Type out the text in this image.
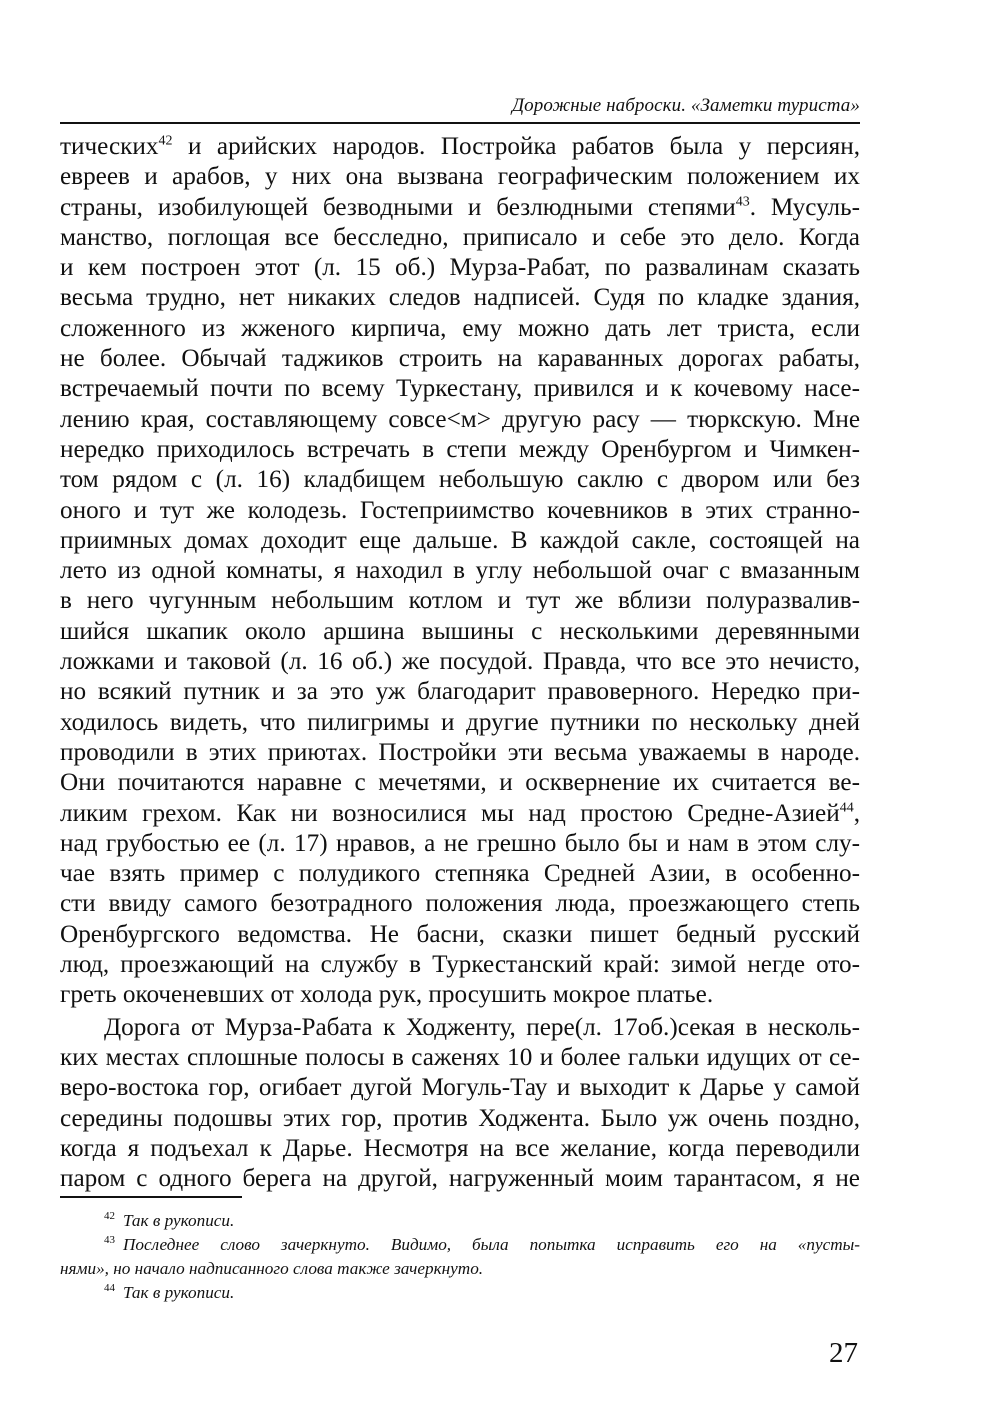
Дорожные наброски. «Заметки туриста»
тических$^{42}$ и арийских народов. Постройка рабатов была у персиян,
евреев и арабов, у них она вызвана географическим положением их
страны, изобилующей безводными и безлюдными степями$^{43}$. Мусуль-
манство, поглощая все бесследно, приписало и себе это дело. Когда
и кем построен этот (л. 15 об.) Мурза-Рабат, по развалинам сказать
весьма трудно, нет никаких следов надписей. Судя по кладке здания,
сложенного из жженого кирпича, ему можно дать лет триста, если
не более. Обычай таджиков строить на караванных дорогах рабаты,
встречаемый почти по всему Туркестану, привился и к кочевому насе-
лению края, составляющему совсе<м> другую расу — тюркскую. Мне
нередко приходилось встречать в степи между Оренбургом и Чимкен-
том рядом с (л. 16) кладбищем небольшую саклю с двором или без
оного и тут же колодезь. Гостеприимство кочевников в этих странно-
приимных домах доходит еще дальше. В каждой сакле, состоящей на
лето из одной комнаты, я находил в углу небольшой очаг с вмазанным
в него чугунным небольшим котлом и тут же вблизи полуразвалив-
шийся шкапик около аршина вышины с несколькими деревянными
ложками и таковой (л. 16 об.) же посудой. Правда, что все это нечисто,
но всякий путник и за это уж благодарит правоверного. Нередко при-
ходилось видеть, что пилигримы и другие путники по нескольку дней
проводили в этих приютах. Постройки эти весьма уважаемы в народе.
Они почитаются наравне с мечетями, и осквернение их считается ве-
ликим грехом. Как ни возносилися мы над простою Средне-Азией$^{44}$,
над грубостью ее (л. 17) нравов, а не грешно было бы и нам в этом слу-
чае взять пример с полудикого степняка Средней Азии, в особенно-
сти ввиду самого безотрадного положения люда, проезжающего степь
Оренбургского ведомства. Не басни, сказки пишет бедный русский
люд, проезжающий на службу в Туркестанский край: зимой негде ото-
греть окоченевших от холода рук, просушить мокрое платье.
Дорога от Мурза-Рабата к Ходженту, пере(л. 17об.)секая в несколь-
ких местах сплошные полосы в саженях 10 и более гальки идущих от се-
веро-востока гор, огибает дугой Могуль-Тау и выходит к Дарье у самой
середины подошвы этих гор, против Ходжента. Было уж очень поздно,
когда я подъехал к Дарье. Несмотря на все желание, когда переводили
паром с одного берега на другой, нагруженный моим тарантасом, я не
$^{42}$ Так в рукописи.
$^{43}$ Последнее слово зачеркнуто. Видимо, была попытка исправить его на «пусты-
нями», но начало надписанного слова также зачеркнуто.
$^{44}$ Так в рукописи.
27
